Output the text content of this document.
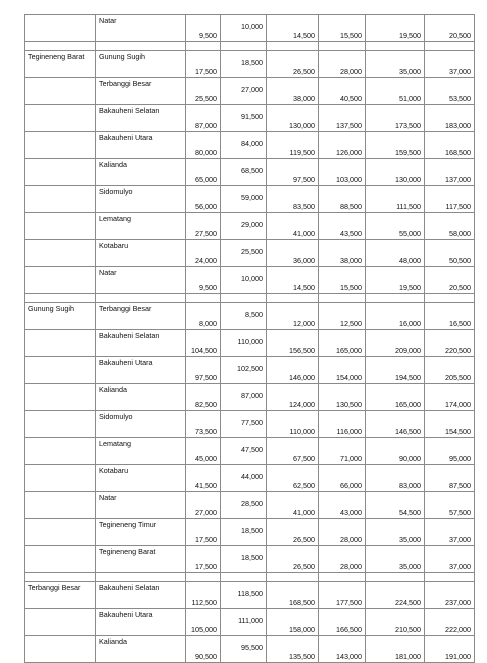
	Natar	9,500	10,000	14,500	15,500	19,500	20,500

Tegineneng Barat	Gunung Sugih	17,500	18,500	26,500	28,000	35,000	37,000
	Terbanggi Besar	25,500	27,000	38,000	40,500	51,000	53,500
	Bakauheni Selatan	87,000	91,500	130,000	137,500	173,500	183,000
	Bakauheni Utara	80,000	84,000	119,500	126,000	159,500	168,500
	Kalianda	65,000	68,500	97,500	103,000	130,000	137,000
	Sidomulyo	56,000	59,000	83,500	88,500	111,500	117,500
	Lematang	27,500	29,000	41,000	43,500	55,000	58,000
	Kotabaru	24,000	25,500	36,000	38,000	48,000	50,500
	Natar	9,500	10,000	14,500	15,500	19,500	20,500

Gunung Sugih	Terbanggi Besar	8,000	8,500	12,000	12,500	16,000	16,500
	Bakauheni Selatan	104,500	110,000	156,500	165,000	209,000	220,500
	Bakauheni Utara	97,500	102,500	146,000	154,000	194,500	205,500
	Kalianda	82,500	87,000	124,000	130,500	165,000	174,000
	Sidomulyo	73,500	77,500	110,000	116,000	146,500	154,500
	Lematang	45,000	47,500	67,500	71,000	90,000	95,000
	Kotabaru	41,500	44,000	62,500	66,000	83,000	87,500
	Natar	27,000	28,500	41,000	43,000	54,500	57,500
	Tegineneng Timur	17,500	18,500	26,500	28,000	35,000	37,000
	Tegineneng Barat	17,500	18,500	26,500	28,000	35,000	37,000

Terbanggi Besar	Bakauheni Selatan	112,500	118,500	168,500	177,500	224,500	237,000
	Bakauheni Utara	105,000	111,000	158,000	166,500	210,500	222,000
	Kalianda	90,500	95,500	135,500	143,000	181,000	191,000
